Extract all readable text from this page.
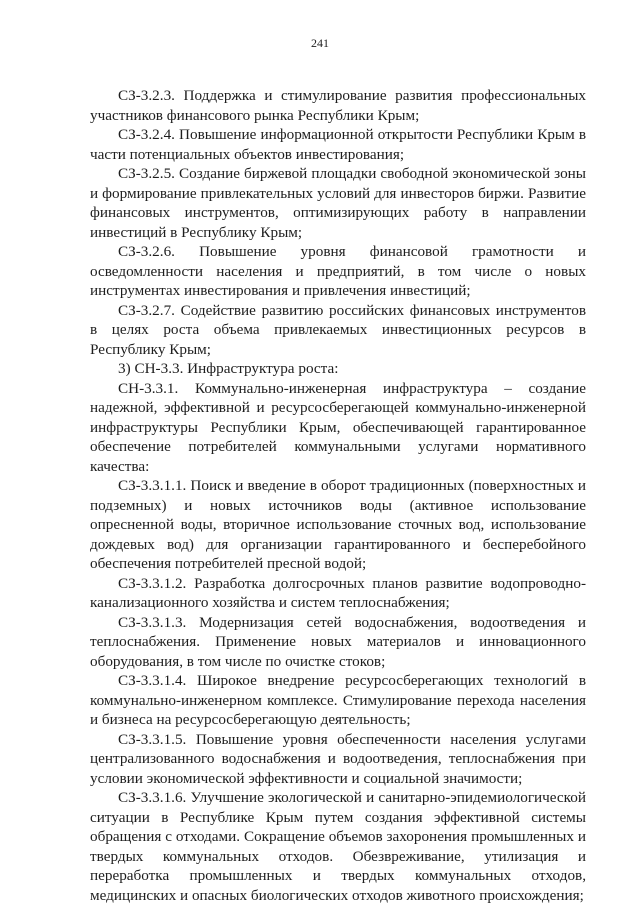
241

СЗ-3.2.3. Поддержка и стимулирование развития профессиональных участников финансового рынка Республики Крым;

СЗ-3.2.4. Повышение информационной открытости Республики Крым в части потенциальных объектов инвестирования;

СЗ-3.2.5. Создание биржевой площадки свободной экономической зоны и формирование привлекательных условий для инвесторов биржи. Развитие финансовых инструментов, оптимизирующих работу в направлении инвестиций в Республику Крым;

СЗ-3.2.6. Повышение уровня финансовой грамотности и осведомленности населения и предприятий, в том числе о новых инструментах инвестирования и привлечения инвестиций;

СЗ-3.2.7. Содействие развитию российских финансовых инструментов в целях роста объема привлекаемых инвестиционных ресурсов в Республику Крым;

3) СН-3.3. Инфраструктура роста:

СН-3.3.1. Коммунально-инженерная инфраструктура – создание надежной, эффективной и ресурсосберегающей коммунально-инженерной инфраструктуры Республики Крым, обеспечивающей гарантированное обеспечение потребителей коммунальными услугами нормативного качества:

СЗ-3.3.1.1. Поиск и введение в оборот традиционных (поверхностных и подземных) и новых источников воды (активное использование опресненной воды, вторичное использование сточных вод, использование дождевых вод) для организации гарантированного и бесперебойного обеспечения потребителей пресной водой;

СЗ-3.3.1.2. Разработка долгосрочных планов развитие водопроводно-канализационного хозяйства и систем теплоснабжения;

СЗ-3.3.1.3. Модернизация сетей водоснабжения, водоотведения и теплоснабжения. Применение новых материалов и инновационного оборудования, в том числе по очистке стоков;

СЗ-3.3.1.4. Широкое внедрение ресурсосберегающих технологий в коммунально-инженерном комплексе. Стимулирование перехода населения и бизнеса на ресурсосберегающую деятельность;

СЗ-3.3.1.5. Повышение уровня обеспеченности населения услугами централизованного водоснабжения и водоотведения, теплоснабжения при условии экономической эффективности и социальной значимости;

СЗ-3.3.1.6. Улучшение экологической и санитарно-эпидемиологической ситуации в Республике Крым путем создания эффективной системы обращения с отходами. Сокращение объемов захоронения промышленных и твердых коммунальных отходов. Обезвреживание, утилизация и переработка промышленных и твердых коммунальных отходов, медицинских и опасных биологических отходов животного происхождения;
